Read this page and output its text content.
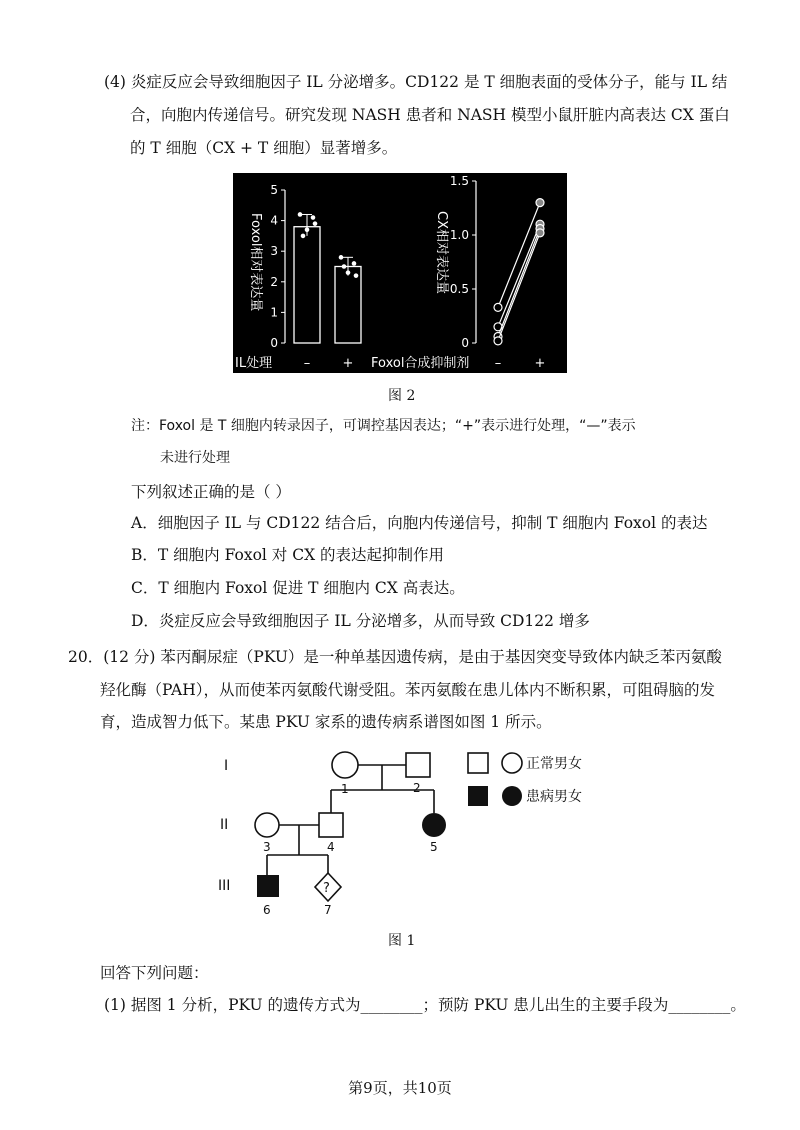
(4) 炎症反应会导致细胞因子 IL 分泌增多。CD122 是 T 细胞表面的受体分子，能与 IL 结
合，向胞内传递信号。研究发现 NASH 患者和 NASH 模型小鼠肝脏内高表达 CX 蛋白
的 T 细胞（CX + T 细胞）显著增多。
0
1
2
3
4
5
– +
Foxol相对表达量
IL处理
0
0.5
1.0
1.5
–	+
CX相对表达量
Foxol合成抑制剂
图 2
注：Foxol 是 T 细胞内转录因子，可调控基因表达；“+”表示进行处理，“—”表示
未进行处理
下列叙述正确的是（ ）
A．细胞因子 IL 与 CD122 结合后，向胞内传递信号，抑制 T 细胞内 Foxol 的表达
B．T 细胞内 Foxol 对 CX 的表达起抑制作用
C．T 细胞内 Foxol 促进 T 细胞内 CX 高表达。
D．炎症反应会导致细胞因子 IL 分泌增多，从而导致 CD122 增多
20．(12 分) 苯丙酮尿症（PKU）是一种单基因遗传病，是由于基因突变导致体内缺乏苯丙氨酸
羟化酶（PAH），从而使苯丙氨酸代谢受阻。苯丙氨酸在患儿体内不断积累，可阻碍脑的发
育，造成智力低下。某患 PKU 家系的遗传病系谱图如图 1 所示。
I
II
III
1	2
3	4	5
6	7
?
正常男女
患病男女
图 1
回答下列问题：
(1) 据图 1 分析，PKU 的遗传方式为________；预防 PKU 患儿出生的主要手段为________。
第9页，共10页
